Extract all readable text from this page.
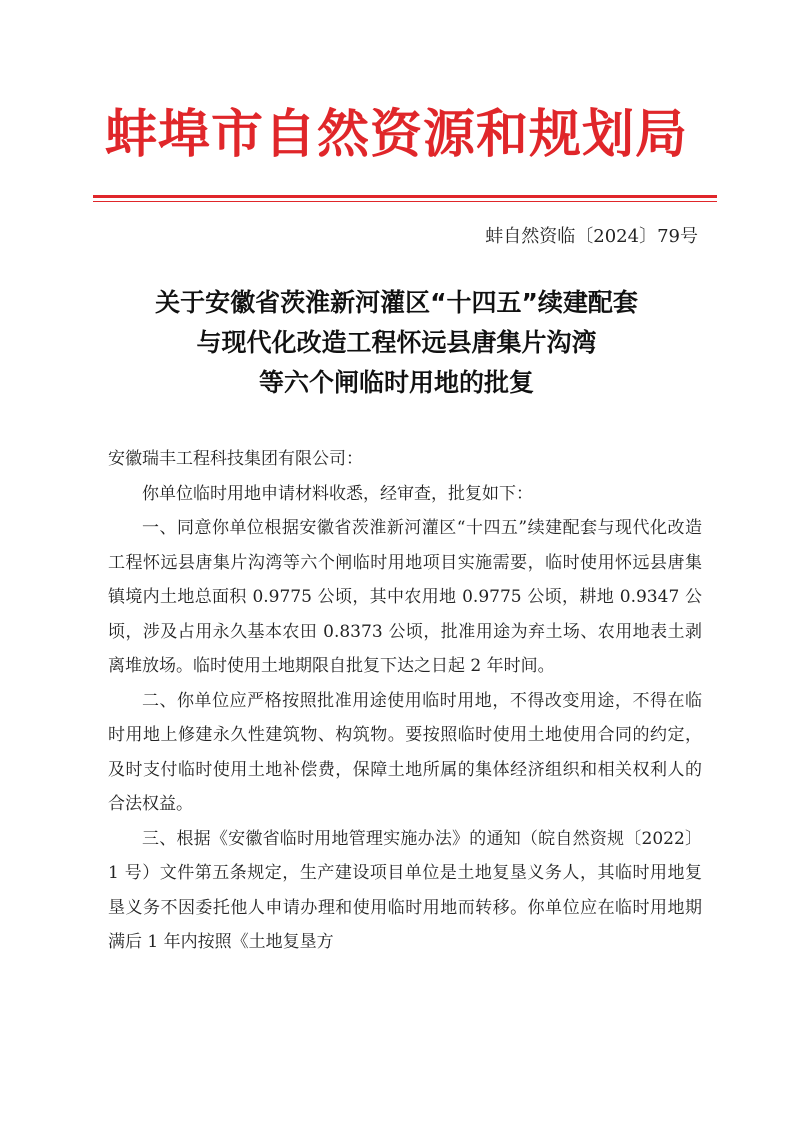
蚌埠市自然资源和规划局
蚌自然资临〔2024〕79号
关于安徽省茨淮新河灌区“十四五”续建配套
与现代化改造工程怀远县唐集片沟湾
等六个闸临时用地的批复

安徽瑞丰工程科技集团有限公司：

你单位临时用地申请材料收悉，经审查，批复如下：

一、同意你单位根据安徽省茨淮新河灌区“十四五”续建配套与现代化改造工程怀远县唐集片沟湾等六个闸临时用地项目实施需要，临时使用怀远县唐集镇境内土地总面积 0.9775 公顷，其中农用地 0.9775 公顷，耕地 0.9347 公顷，涉及占用永久基本农田 0.8373 公顷，批准用途为弃土场、农用地表土剥离堆放场。临时使用土地期限自批复下达之日起 2 年时间。

二、你单位应严格按照批准用途使用临时用地，不得改变用途，不得在临时用地上修建永久性建筑物、构筑物。要按照临时使用土地使用合同的约定，及时支付临时使用土地补偿费，保障土地所属的集体经济组织和相关权利人的合法权益。

三、根据《安徽省临时用地管理实施办法》的通知（皖自然资规〔2022〕1 号）文件第五条规定，生产建设项目单位是土地复垦义务人，其临时用地复垦义务不因委托他人申请办理和使用临时用地而转移。你单位应在临时用地期满后 1 年内按照《土地复垦方
